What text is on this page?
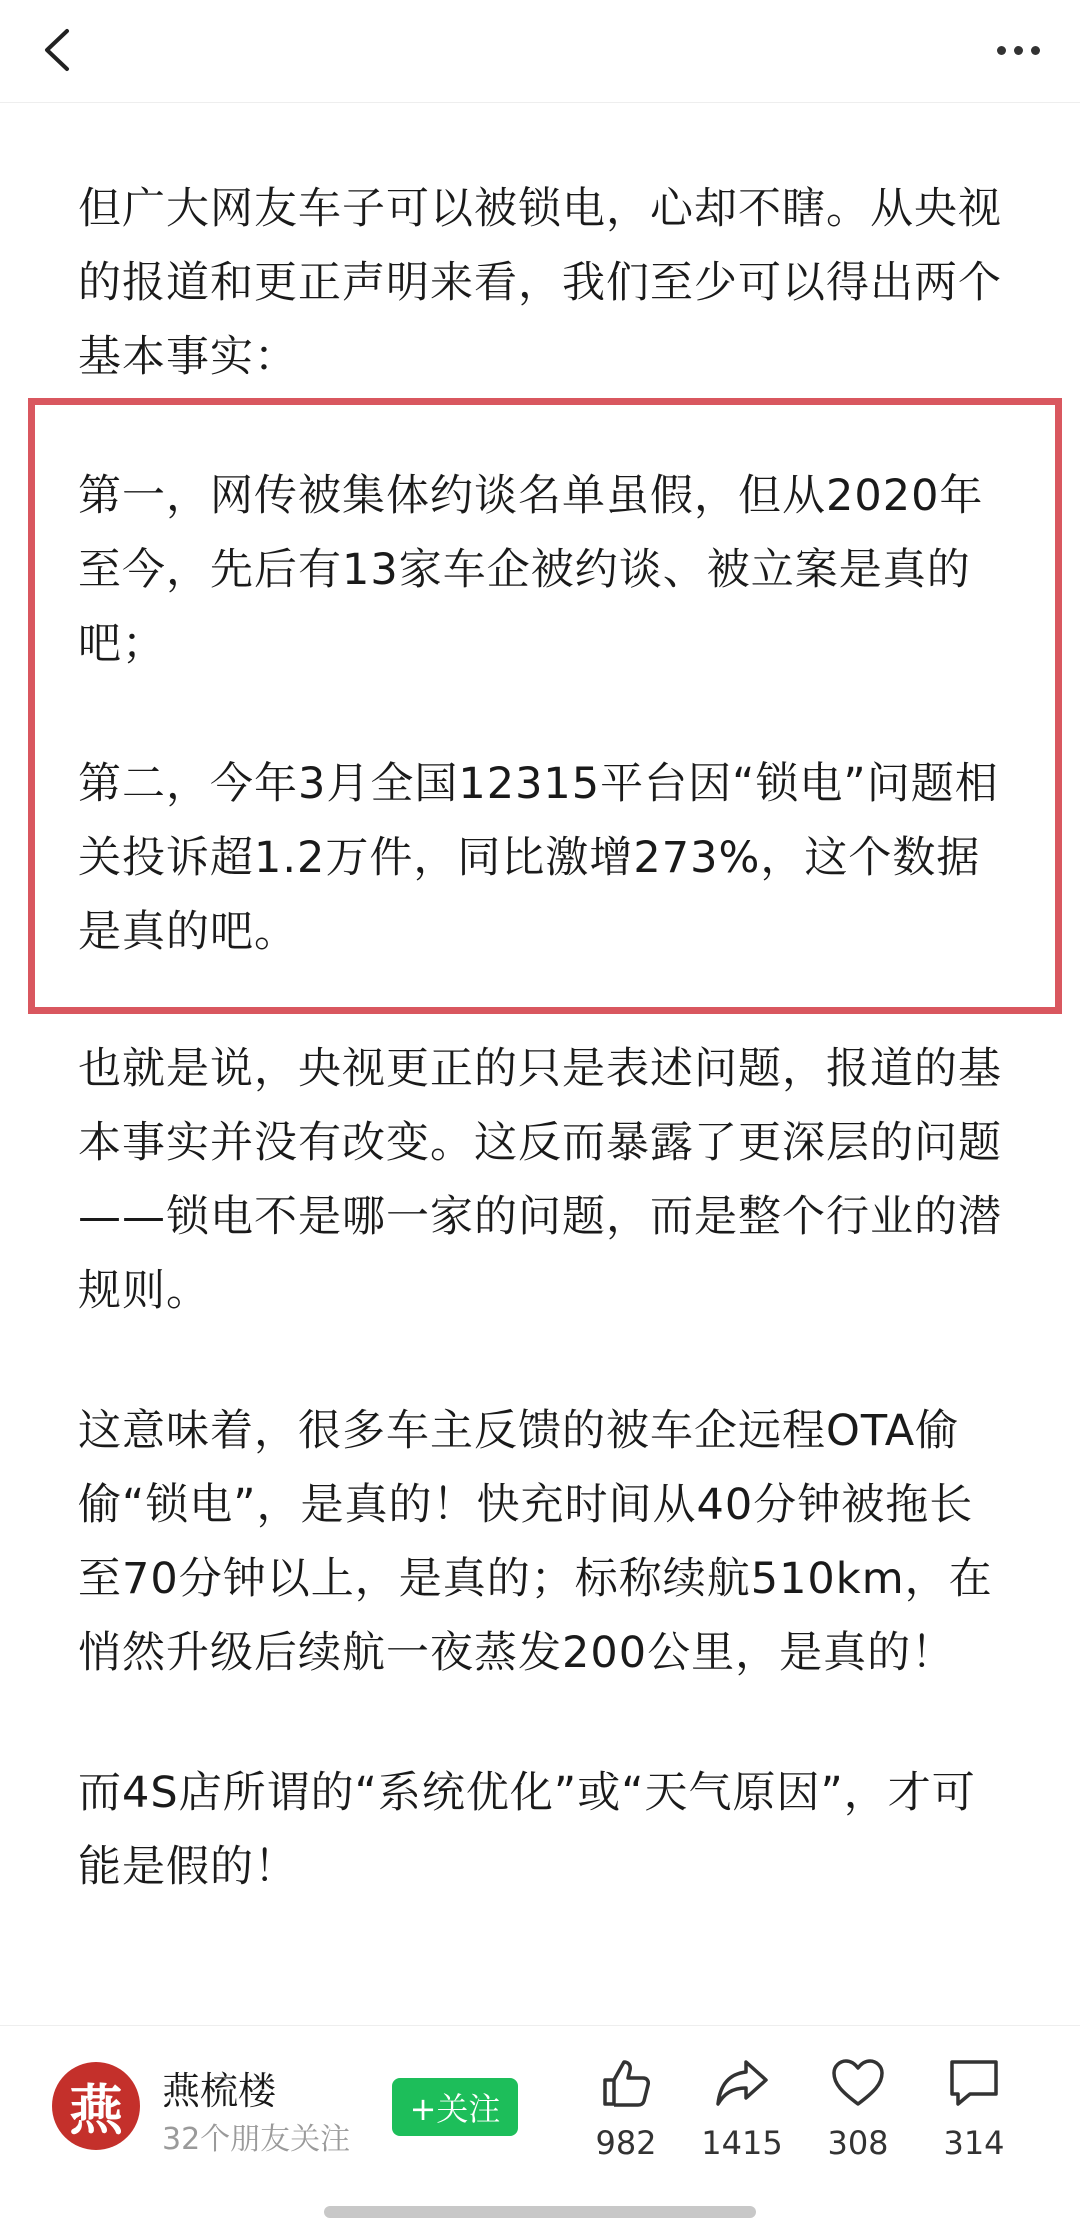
但广大网友车子可以被锁电，心却不瞎。从央视的报道和更正声明来看，我们至少可以得出两个基本事实：

第一，网传被集体约谈名单虽假，但从2020年至今，先后有13家车企被约谈、被立案是真的吧；

第二，今年3月全国12315平台因“锁电”问题相关投诉超1.2万件，同比激增273%，这个数据是真的吧。

也就是说，央视更正的只是表述问题，报道的基本事实并没有改变。这反而暴露了更深层的问题——锁电不是哪一家的问题，而是整个行业的潜规则。

这意味着，很多车主反馈的被车企远程OTA偷偷“锁电”，是真的！快充时间从40分钟被拖长至70分钟以上，是真的；标称续航510km，在悄然升级后续航一夜蒸发200公里，是真的！

而4S店所谓的“系统优化”或“天气原因”，才可能是假的！

燕 燕梳楼
32个朋友关注
+关注
982	1415	308	314
